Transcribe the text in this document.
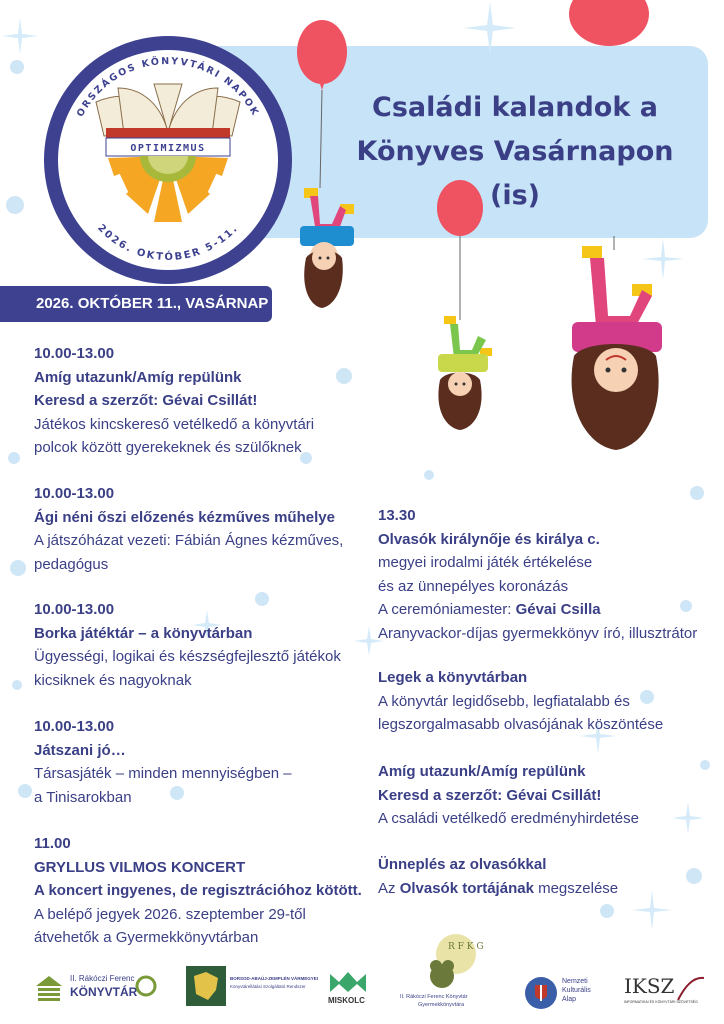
Családi kalandok a
Könyves Vasárnapon (is)
ORSZÁGOS KÖNYVTÁRI NAPOK
2026. OKTÓBER 5-11.
OPTIMIZMUS
2026. OKTÓBER 11., VASÁRNAP
10.00-13.00
Amíg utazunk/Amíg repülünk
Keresd a szerzőt: Gévai Csillát!
Játékos kincskereső vetélkedő a könyvtári
polcok között gyerekeknek és szülőknek
10.00-13.00
Ági néni őszi előzenés kézműves műhelye
A játszóházat vezeti: Fábián Ágnes kézműves,
pedagógus
10.00-13.00
Borka játéktár – a könyvtárban
Ügyességi, logikai és készségfejlesztő játékok
kicsiknek és nagyoknak
10.00-13.00
Játszani jó…
Társasjáték – minden mennyiségben –
a Tinisarokban
11.00
GRYLLUS VILMOS KONCERT
A koncert ingyenes, de regisztrációhoz kötött.
A belépő jegyek 2026. szeptember 29-től
átvehetők a Gyermekkönyvtárban
13.30
Olvasók királynője és királya c.
megyei irodalmi játék értékelése
és az ünnepélyes koronázás
A ceremóniamester: Gévai Csilla
Aranyvackor-díjas gyermekkönyv író, illusztrátor
Legek a könyvtárban
A könyvtár legidősebb, legfiatalabb és
legszorgalmasabb olvasójának köszöntése
Amíg utazunk/Amíg repülünk
Keresd a szerzőt: Gévai Csillát!
A családi vetélkedő eredményhirdetése
Ünneplés az olvasókkal
Az Olvasók tortájának megszelése
II. Rákóczi Ferenc
KÖNYVTÁR
BORSOD-ABAÚJ-ZEMPLÉN VÁRMEGYEI
Könyvtárellátási Szolgáltató Rendszer
MISKOLC
R F K G
II. Rákóczi Ferenc Könyvtár
Gyermekkönyvtára
Nemzeti
Kulturális
Alap
IKSZ
INFORMATIKAI ÉS KÖNYVTÁRI SZÖVETSÉG
